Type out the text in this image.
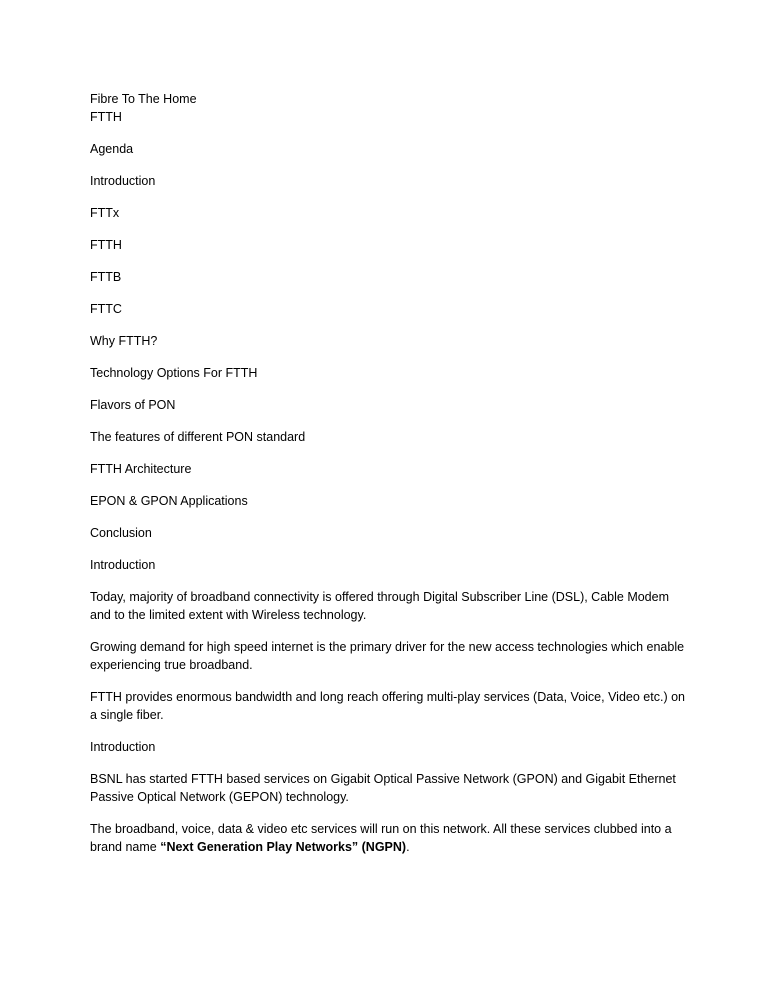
Fibre To The Home
FTTH
Agenda
Introduction
FTTx
FTTH
FTTB
FTTC
Why FTTH?
Technology Options For FTTH
Flavors of PON
The features of different PON standard
FTTH Architecture
EPON & GPON Applications
Conclusion
Introduction
Today, majority of broadband connectivity is offered through Digital Subscriber Line (DSL), Cable Modem and to the limited extent with Wireless technology.
Growing demand for high speed internet is the primary driver for the new access technologies which enable experiencing true broadband.
FTTH provides enormous bandwidth and long reach offering multi-play services (Data, Voice, Video etc.) on a single fiber.
Introduction
BSNL has started FTTH based services on Gigabit Optical Passive Network (GPON) and Gigabit Ethernet Passive Optical Network (GEPON) technology.
The broadband, voice, data & video etc services will run on this network. All these services clubbed into a brand name “Next Generation Play Networks” (NGPN).
